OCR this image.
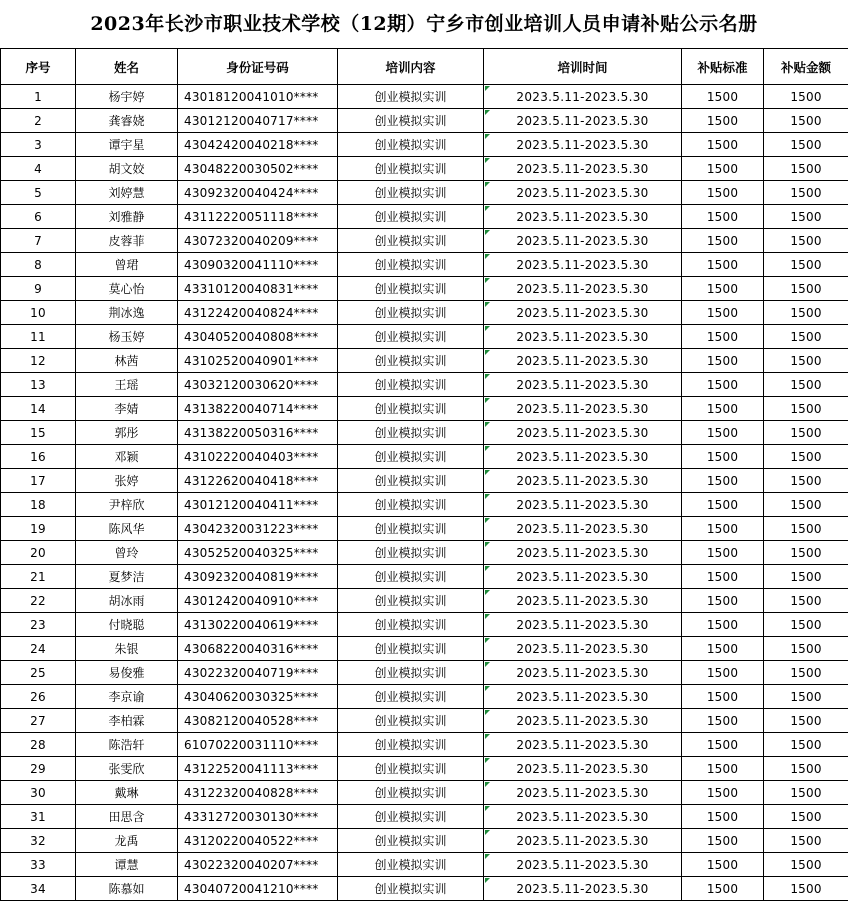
2023年长沙市职业技术学校（12期）宁乡市创业培训人员申请补贴公示名册
序号	姓名	身份证号码	培训内容	培训时间	补贴标准	补贴金额
1	杨宇婷	43018120041010****	创业模拟实训	2023.5.11-2023.5.30	1500	1500
2	龚睿娆	43012120040717****	创业模拟实训	2023.5.11-2023.5.30	1500	1500
3	谭宇星	43042420040218****	创业模拟实训	2023.5.11-2023.5.30	1500	1500
4	胡文姣	43048220030502****	创业模拟实训	2023.5.11-2023.5.30	1500	1500
5	刘婷慧	43092320040424****	创业模拟实训	2023.5.11-2023.5.30	1500	1500
6	刘雅静	43112220051118****	创业模拟实训	2023.5.11-2023.5.30	1500	1500
7	皮蓉菲	43072320040209****	创业模拟实训	2023.5.11-2023.5.30	1500	1500
8	曾珺	43090320041110****	创业模拟实训	2023.5.11-2023.5.30	1500	1500
9	莫心怡	43310120040831****	创业模拟实训	2023.5.11-2023.5.30	1500	1500
10	荆冰逸	43122420040824****	创业模拟实训	2023.5.11-2023.5.30	1500	1500
11	杨玉婷	43040520040808****	创业模拟实训	2023.5.11-2023.5.30	1500	1500
12	林茜	43102520040901****	创业模拟实训	2023.5.11-2023.5.30	1500	1500
13	王瑶	43032120030620****	创业模拟实训	2023.5.11-2023.5.30	1500	1500
14	李婧	43138220040714****	创业模拟实训	2023.5.11-2023.5.30	1500	1500
15	郭彤	43138220050316****	创业模拟实训	2023.5.11-2023.5.30	1500	1500
16	邓颖	43102220040403****	创业模拟实训	2023.5.11-2023.5.30	1500	1500
17	张婷	43122620040418****	创业模拟实训	2023.5.11-2023.5.30	1500	1500
18	尹梓欣	43012120040411****	创业模拟实训	2023.5.11-2023.5.30	1500	1500
19	陈风华	43042320031223****	创业模拟实训	2023.5.11-2023.5.30	1500	1500
20	曾玲	43052520040325****	创业模拟实训	2023.5.11-2023.5.30	1500	1500
21	夏梦洁	43092320040819****	创业模拟实训	2023.5.11-2023.5.30	1500	1500
22	胡冰雨	43012420040910****	创业模拟实训	2023.5.11-2023.5.30	1500	1500
23	付晓聪	43130220040619****	创业模拟实训	2023.5.11-2023.5.30	1500	1500
24	朱银	43068220040316****	创业模拟实训	2023.5.11-2023.5.30	1500	1500
25	易俊雅	43022320040719****	创业模拟实训	2023.5.11-2023.5.30	1500	1500
26	李京谕	43040620030325****	创业模拟实训	2023.5.11-2023.5.30	1500	1500
27	李柏霖	43082120040528****	创业模拟实训	2023.5.11-2023.5.30	1500	1500
28	陈浩轩	61070220031110****	创业模拟实训	2023.5.11-2023.5.30	1500	1500
29	张雯欣	43122520041113****	创业模拟实训	2023.5.11-2023.5.30	1500	1500
30	戴琳	43122320040828****	创业模拟实训	2023.5.11-2023.5.30	1500	1500
31	田思含	43312720030130****	创业模拟实训	2023.5.11-2023.5.30	1500	1500
32	龙禹	43120220040522****	创业模拟实训	2023.5.11-2023.5.30	1500	1500
33	谭慧	43022320040207****	创业模拟实训	2023.5.11-2023.5.30	1500	1500
34	陈慕如	43040720041210****	创业模拟实训	2023.5.11-2023.5.30	1500	1500
